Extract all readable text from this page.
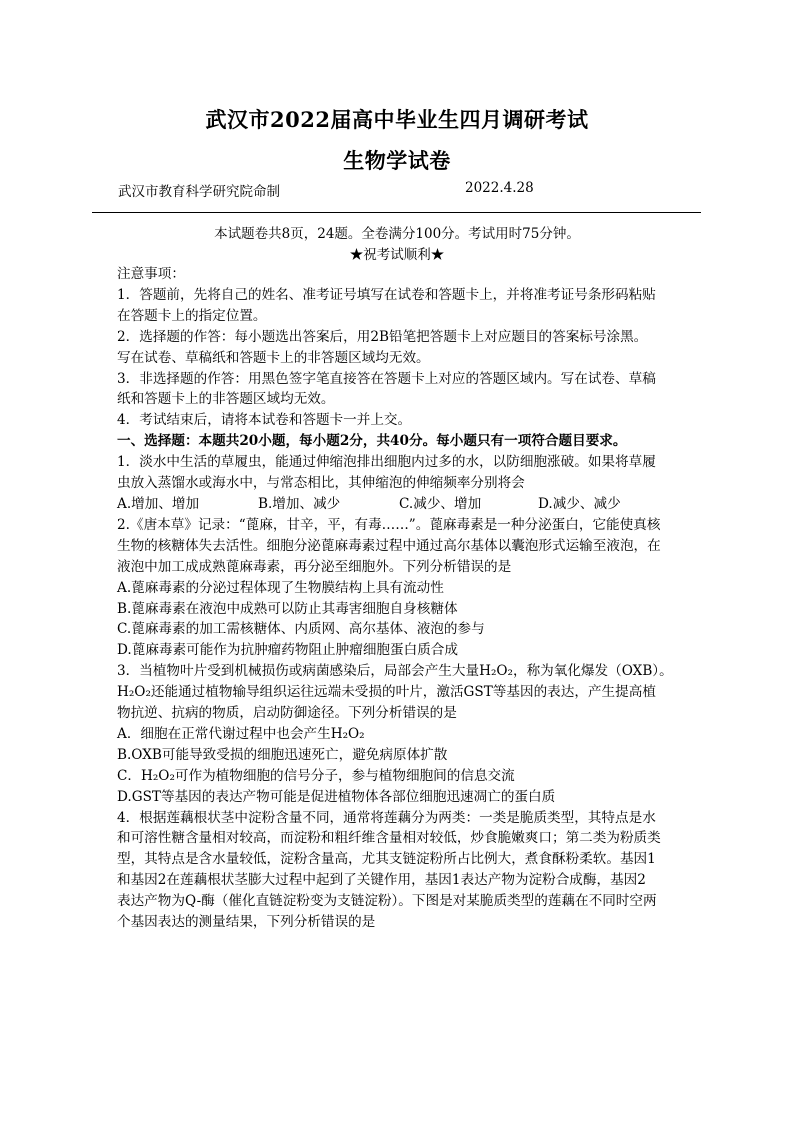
武汉市2022届高中毕业生四月调研考试
生物学试卷
武汉市教育科学研究院命制	2022.4.28
本试题卷共8页，24题。全卷满分100分。考试用时75分钟。
★祝考试顺利★

注意事项：

1．答题前，先将自己的姓名、准考证号填写在试卷和答题卡上，并将准考证号条形码粘贴

在答题卡上的指定位置。

2．选择题的作答：每小题选出答案后，用2B铅笔把答题卡上对应题目的答案标号涂黑。

写在试卷、草稿纸和答题卡上的非答题区域均无效。

3．非选择题的作答：用黑色签字笔直接答在答题卡上对应的答题区域内。写在试卷、草稿

纸和答题卡上的非答题区域均无效。

4．考试结束后，请将本试卷和答题卡一并上交。

一、选择题：本题共20小题，每小题2分，共40分。每小题只有一项符合题目要求。

1．淡水中生活的草履虫，能通过伸缩泡排出细胞内过多的水，以防细胞涨破。如果将草履

虫放入蒸馏水或海水中，与常态相比，其伸缩泡的伸缩频率分别将会

A.增加、增加	B.增加、减少	C.减少、增加	D.减少、减少

2.《唐本草》记录：“蓖麻，甘辛，平，有毒……”。蓖麻毒素是一种分泌蛋白，它能使真核

生物的核糖体失去活性。细胞分泌蓖麻毒素过程中通过高尔基体以囊泡形式运输至液泡，在

液泡中加工成成熟蓖麻毒素，再分泌至细胞外。下列分析错误的是

A.蓖麻毒素的分泌过程体现了生物膜结构上具有流动性

B.蓖麻毒素在液泡中成熟可以防止其毒害细胞自身核糖体

C.蓖麻毒素的加工需核糖体、内质网、高尔基体、液泡的参与

D.蓖麻毒素可能作为抗肿瘤药物阻止肿瘤细胞蛋白质合成

3．当植物叶片受到机械损伤或病菌感染后，局部会产生大量H₂O₂，称为氧化爆发（OXB）。

H₂O₂还能通过植物输导组织运往远端未受损的叶片，激活GST等基因的表达，产生提高植

物抗逆、抗病的物质，启动防御途径。下列分析错误的是

A．细胞在正常代谢过程中也会产生H₂O₂

B.OXB可能导致受损的细胞迅速死亡，避免病原体扩散

C．H₂O₂可作为植物细胞的信号分子，参与植物细胞间的信息交流

D.GST等基因的表达产物可能是促进植物体各部位细胞迅速凋亡的蛋白质

4．根据莲藕根状茎中淀粉含量不同，通常将莲藕分为两类：一类是脆质类型，其特点是水

和可溶性糖含量相对较高，而淀粉和粗纤维含量相对较低，炒食脆嫩爽口；第二类为粉质类

型，其特点是含水量较低，淀粉含量高，尤其支链淀粉所占比例大，煮食酥粉柔软。基因1

和基因2在莲藕根状茎膨大过程中起到了关键作用，基因1表达产物为淀粉合成酶，基因2

表达产物为Q-酶（催化直链淀粉变为支链淀粉）。下图是对某脆质类型的莲藕在不同时空两

个基因表达的测量结果，下列分析错误的是
